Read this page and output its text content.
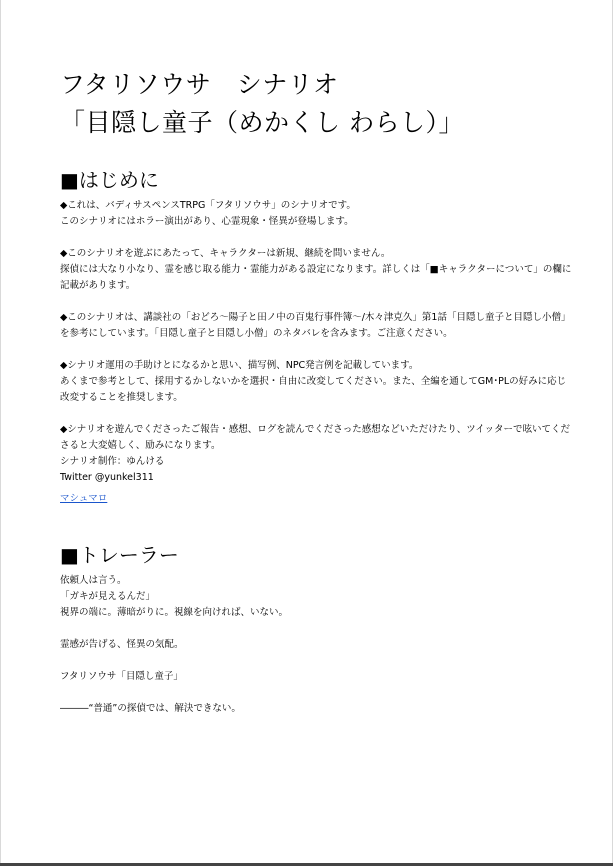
フタリソウサ　シナリオ
「目隠し童子（めかくし わらし）」
■はじめに

◆これは、バディサスペンスTRPG「フタリソウサ」のシナリオです。
このシナリオにはホラー演出があり、心霊現象・怪異が登場します。

◆このシナリオを遊ぶにあたって、キャラクターは新規、継続を問いません。
探偵には大なり小なり、霊を感じ取る能力・霊能力がある設定になります。詳しくは「■キャラクターについて」の欄に記載があります。

◆このシナリオは、講談社の「おどろ～陽子と田ノ中の百鬼行事件簿～/木々津克久」第1話「目隠し童子と目隠し小僧」を参考にしています。「目隠し童子と目隠し小僧」のネタバレを含みます。ご注意ください。

◆シナリオ運用の手助けとになるかと思い、描写例、NPC発言例を記載しています。
あくまで参考として、採用するかしないかを選択・自由に改変してください。また、全編を通してGM･PLの好みに応じ改変することを推奨します。

◆シナリオを遊んでくださったご報告・感想、ログを読んでくださった感想などいただけたり、ツイッターで呟いてくださると大変嬉しく、励みになります。
シナリオ制作：ゆんける
Twitter @yunkel311

マシュマロ
■トレーラー

依頼人は言う。
「ガキが見えるんだ」
視界の端に。薄暗がりに。視線を向ければ、いない。

霊感が告げる、怪異の気配。

フタリソウサ「目隠し童子」

―――“普通”の探偵では、解決できない。
